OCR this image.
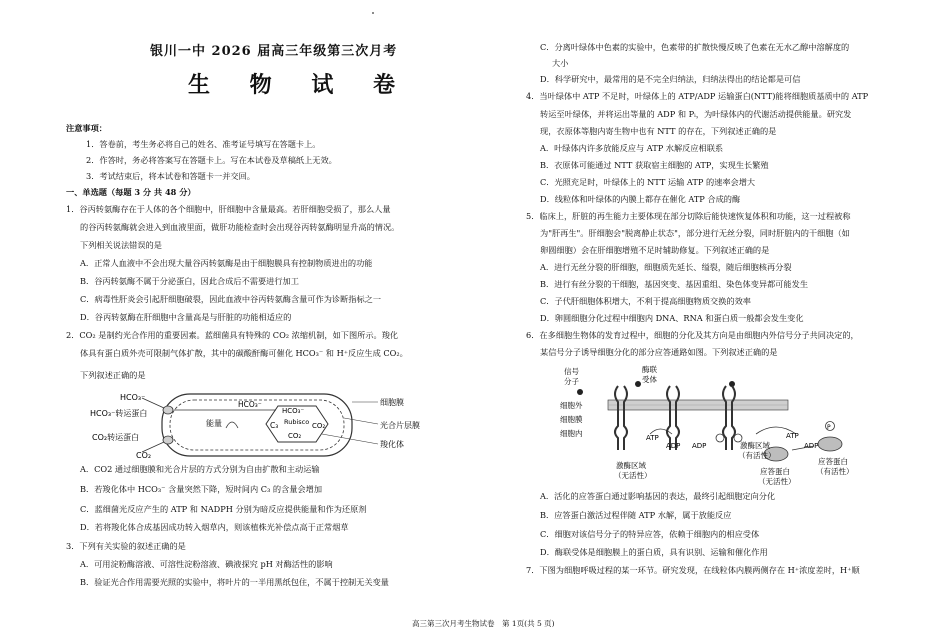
银川一中 2026 届高三年级第三次月考
生 物 试 卷
注意事项：
1．答卷前，考生务必将自己的姓名、准考证号填写在答题卡上。
2．作答时，务必将答案写在答题卡上。写在本试卷及草稿纸上无效。
3．考试结束后，将本试卷和答题卡一并交回。
一、单选题（每题 3 分 共 48 分）
1．谷丙转氨酶存在于人体的各个细胞中，肝细胞中含量最高。若肝细胞受损了，那么人量
的谷丙转氨酶就会进入到血液里面，做肝功能检查时会出现谷丙转氨酶明显升高的情况。
下列相关说法错误的是
A．正常人血液中不会出现大量谷丙转氨酶是由于细胞膜具有控制物质进出的功能
B．谷丙转氨酶不属于分泌蛋白，因此合成后不需要进行加工
C．病毒性肝炎会引起肝细胞破裂，因此血液中谷丙转氨酶含量可作为诊断指标之一
D．谷丙转氨酶在肝细胞中含量高是与肝脏的功能相适应的
2．CO₂ 是制约光合作用的重要因素。蓝细菌具有特殊的 CO₂ 浓缩机制，如下图所示。羧化
体具有蛋白质外壳可限制气体扩散，其中的碳酸酐酶可催化 HCO₃⁻ 和 H⁺反应生成 CO₂。
下列叙述正确的是
HCO₃⁻
HCO₃⁻转运蛋白
CO₂转运蛋白
CO₂
能量
HCO₃⁻
HCO₃⁻
C₃ Rubisco CO₂
CO₂
细胞膜
光合片层膜
羧化体
A．CO2 通过细胞膜和光合片层的方式分别为自由扩散和主动运输
B．若羧化体中 HCO₃⁻ 含量突然下降，短时间内 C₃ 的含量会增加
C．蓝细菌光反应产生的 ATP 和 NADPH 分别为暗反应提供能量和作为还原剂
D．若将羧化体合成基因成功转入烟草内，则该植株光补偿点高于正常烟草
3．下列有关实验的叙述正确的是
A．可用淀粉酶溶液、可溶性淀粉溶液、碘液探究 pH 对酶活性的影响
B．验证光合作用需要光照的实验中，将叶片的一半用黑纸包住，不属于控制无关变量
C．分离叶绿体中色素的实验中，色素带的扩散快慢反映了色素在无水乙醇中溶解度的
大小
D．科学研究中，最常用的是不完全归纳法，归纳法得出的结论都是可信
4．当叶绿体中 ATP 不足时，叶绿体上的 ATP/ADP 运输蛋白(NTT)能将细胞质基质中的 ATP
转运至叶绿体，并将运出等量的 ADP 和 Pᵢ，为叶绿体内的代谢活动提供能量。研究发
现，衣原体等胞内寄生物中也有 NTT 的存在，下列叙述正确的是
A．叶绿体内许多放能反应与 ATP 水解反应相联系
B．衣原体可能通过 NTT 获取宿主细胞的 ATP，实现生长繁殖
C．光照充足时，叶绿体上的 NTT 运输 ATP 的速率会增大
D．线粒体和叶绿体的内膜上都存在催化 ATP 合成的酶
5．临床上，肝脏的再生能力主要体现在部分切除后能快速恢复体积和功能，这一过程被称
为"肝再生"。肝细胞会"脱离静止状态"，部分进行无丝分裂，同时肝脏内的干细胞（如
卵圆细胞）会在肝细胞增殖不足时辅助修复。下列叙述正确的是
A．进行无丝分裂的肝细胞，细胞质先延长、缢裂，随后细胞核再分裂
B．进行有丝分裂的干细胞，基因突变、基因重组、染色体变异都可能发生
C．子代肝细胞体积增大，不利于提高细胞物质交换的效率
D．卵圆细胞分化过程中细胞内 DNA、RNA 和蛋白质一般都会发生变化
6．在多细胞生物体的发育过程中，细胞的分化及其方向是由细胞内外信号分子共同决定的，
某信号分子诱导细胞分化的部分应答通路如图。下列叙述正确的是
信号
分子
酶联
受体
细胞外
细胞膜
细胞内	ATP
ADP ADP
ATP
ADP
P
激酶区域
（无活性）
激酶区域
（有活性）
应答蛋白
（无活性）
应答蛋白
（有活性）
A．活化的应答蛋白通过影响基因的表达，最终引起细胞定向分化
B．应答蛋白激活过程伴随 ATP 水解，属于放能反应
C．细胞对该信号分子的特异应答，依赖于细胞内的相应受体
D．酶联受体是细胞膜上的蛋白质，具有识别、运输和催化作用
7．下图为细胞呼吸过程的某一环节。研究发现，在线粒体内膜两侧存在 H⁺浓度差时，H⁺顺
高三第三次月考生物试卷　第 1页(共 5 页)
